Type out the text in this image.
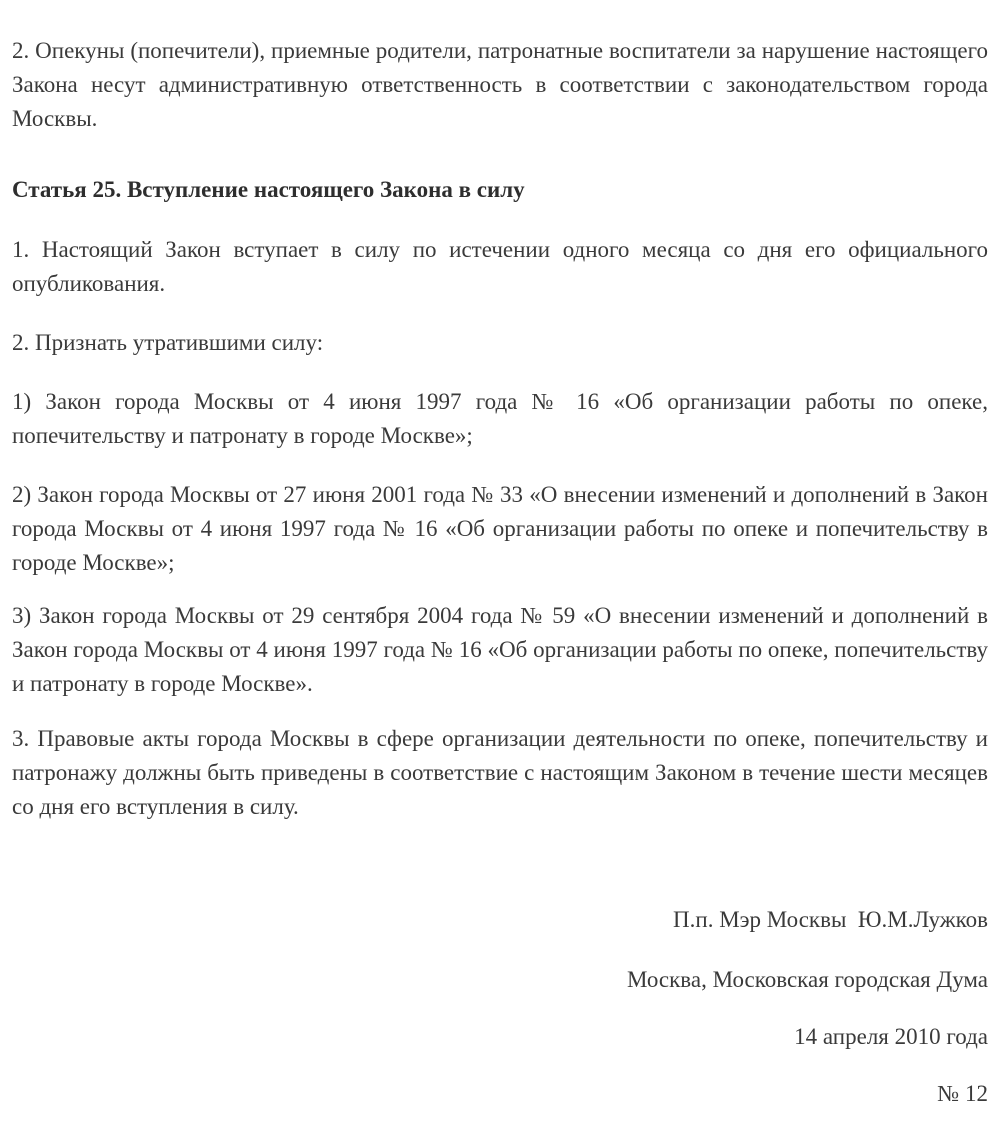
2. Опекуны (попечители), приемные родители, патронатные воспитатели за нарушение настоящего Закона несут административную ответственность в соответствии с законодательством города Москвы.

Статья 25. Вступление настоящего Закона в силу

1. Настоящий Закон вступает в силу по истечении одного месяца со дня его официального опубликования.

2. Признать утратившими силу:

1) Закон города Москвы от 4 июня 1997 года № 16 «Об организации работы по опеке, попечительству и патронату в городе Москве»;

2) Закон города Москвы от 27 июня 2001 года № 33 «О внесении изменений и дополнений в Закон города Москвы от 4 июня 1997 года № 16 «Об организации работы по опеке и попечительству в городе Москве»;

3) Закон города Москвы от 29 сентября 2004 года № 59 «О внесении изменений и дополнений в Закон города Москвы от 4 июня 1997 года № 16 «Об организации работы по опеке, попечительству и патронату в городе Москве».

3. Правовые акты города Москвы в сфере организации деятельности по опеке, попечительству и патронажу должны быть приведены в соответствие с настоящим Законом в течение шести месяцев со дня его вступления в силу.

П.п. Мэр Москвы  Ю.М.Лужков

Москва, Московская городская Дума

14 апреля 2010 года

№ 12
